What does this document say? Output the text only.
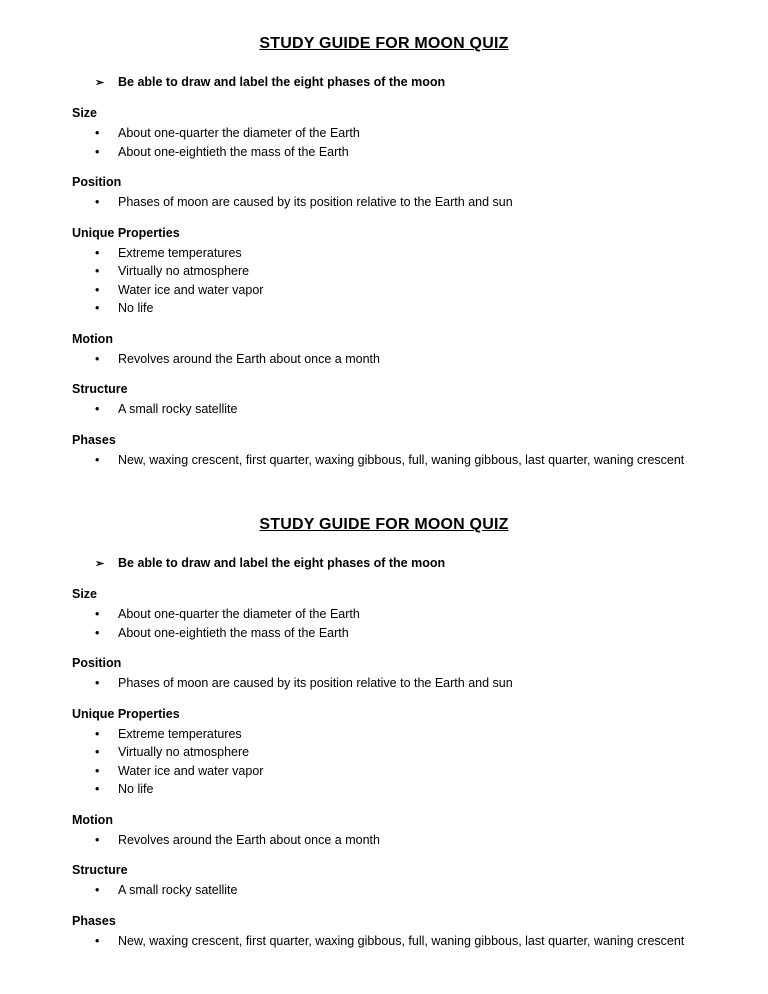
STUDY GUIDE FOR MOON QUIZ
➢	Be able to draw and label the eight phases of the moon
Size
•	About one-quarter the diameter of the Earth
•	About one-eightieth the mass of the Earth
Position
•	Phases of moon are caused by its position relative to the Earth and sun
Unique Properties
•	Extreme temperatures
•	Virtually no atmosphere
•	Water ice and water vapor
•	No life
Motion
•	Revolves around the Earth about once a month
Structure
•	A small rocky satellite
Phases
•	New, waxing crescent, first quarter, waxing gibbous, full, waning gibbous, last quarter, waning crescent
STUDY GUIDE FOR MOON QUIZ
➢	Be able to draw and label the eight phases of the moon
Size
•	About one-quarter the diameter of the Earth
•	About one-eightieth the mass of the Earth
Position
•	Phases of moon are caused by its position relative to the Earth and sun
Unique Properties
•	Extreme temperatures
•	Virtually no atmosphere
•	Water ice and water vapor
•	No life
Motion
•	Revolves around the Earth about once a month
Structure
•	A small rocky satellite
Phases
•	New, waxing crescent, first quarter, waxing gibbous, full, waning gibbous, last quarter, waning crescent
